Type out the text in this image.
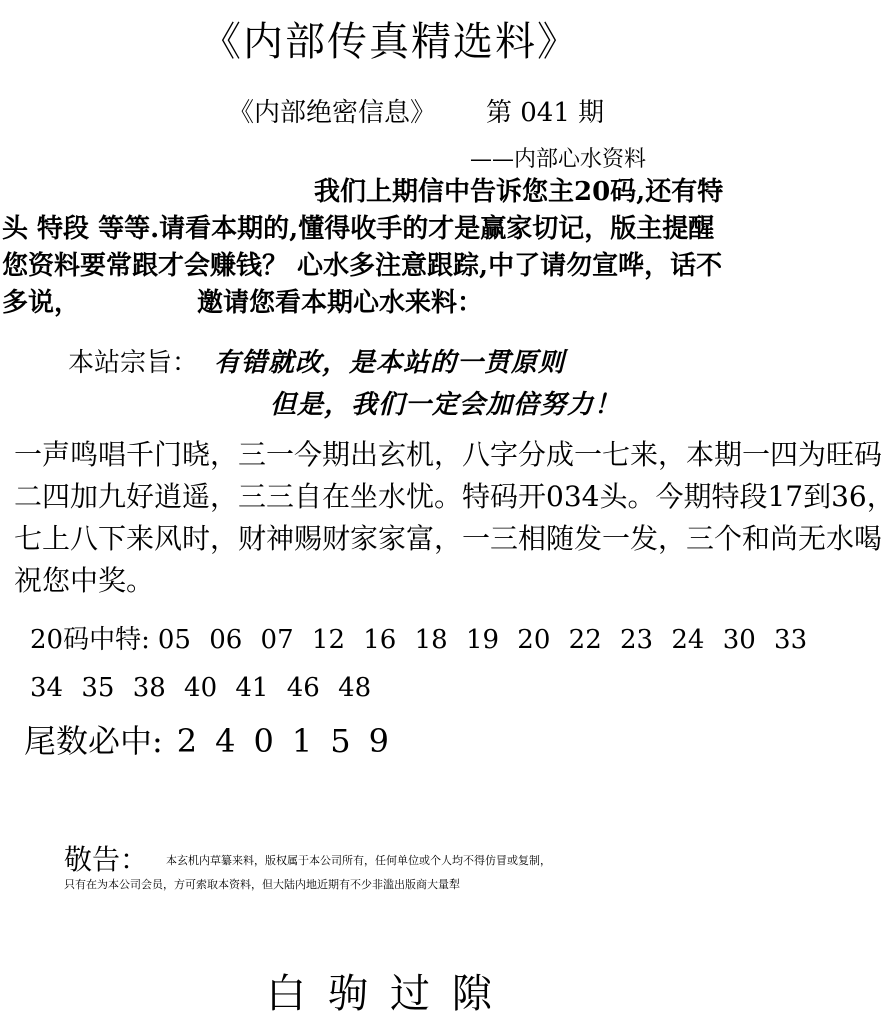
《内部传真精选料》
《内部绝密信息》 第 041 期
——内部心水资料
　　　　　　　　　　　　我们上期信中告诉您主20码,还有特
头 特段 等等.请看本期的,懂得收手的才是赢家切记，版主提醒
您资料要常跟才会赚钱？ 心水多注意跟踪,中了请勿宣哗，话不
多说，　　　　　邀请您看本期心水来料：
本站宗旨： 有错就改，是本站的一贯原则
但是，我们一定会加倍努力！
一声鸣唱千门晓，三一今期出玄机，八字分成一七来，本期一四为旺码
二四加九好逍遥，三三自在坐水忧。特码开034头。今期特段17到36，
七上八下来风时，财神赐财家家富，一三相随发一发，三个和尚无水喝
祝您中奖。
20码中特: 05 06 07 12 16 18 19 20 22 23 24 30 33
34 35 38 40 41 46 48
尾数必中: 240159
敬告： 本玄机内草纂来料，版权属于本公司所有，任何单位或个人均不得仿冒或复制，
只有在为本公司会员，方可索取本资料，但大陆内地近期有不少非滥出版商大量犁
白驹过隙
